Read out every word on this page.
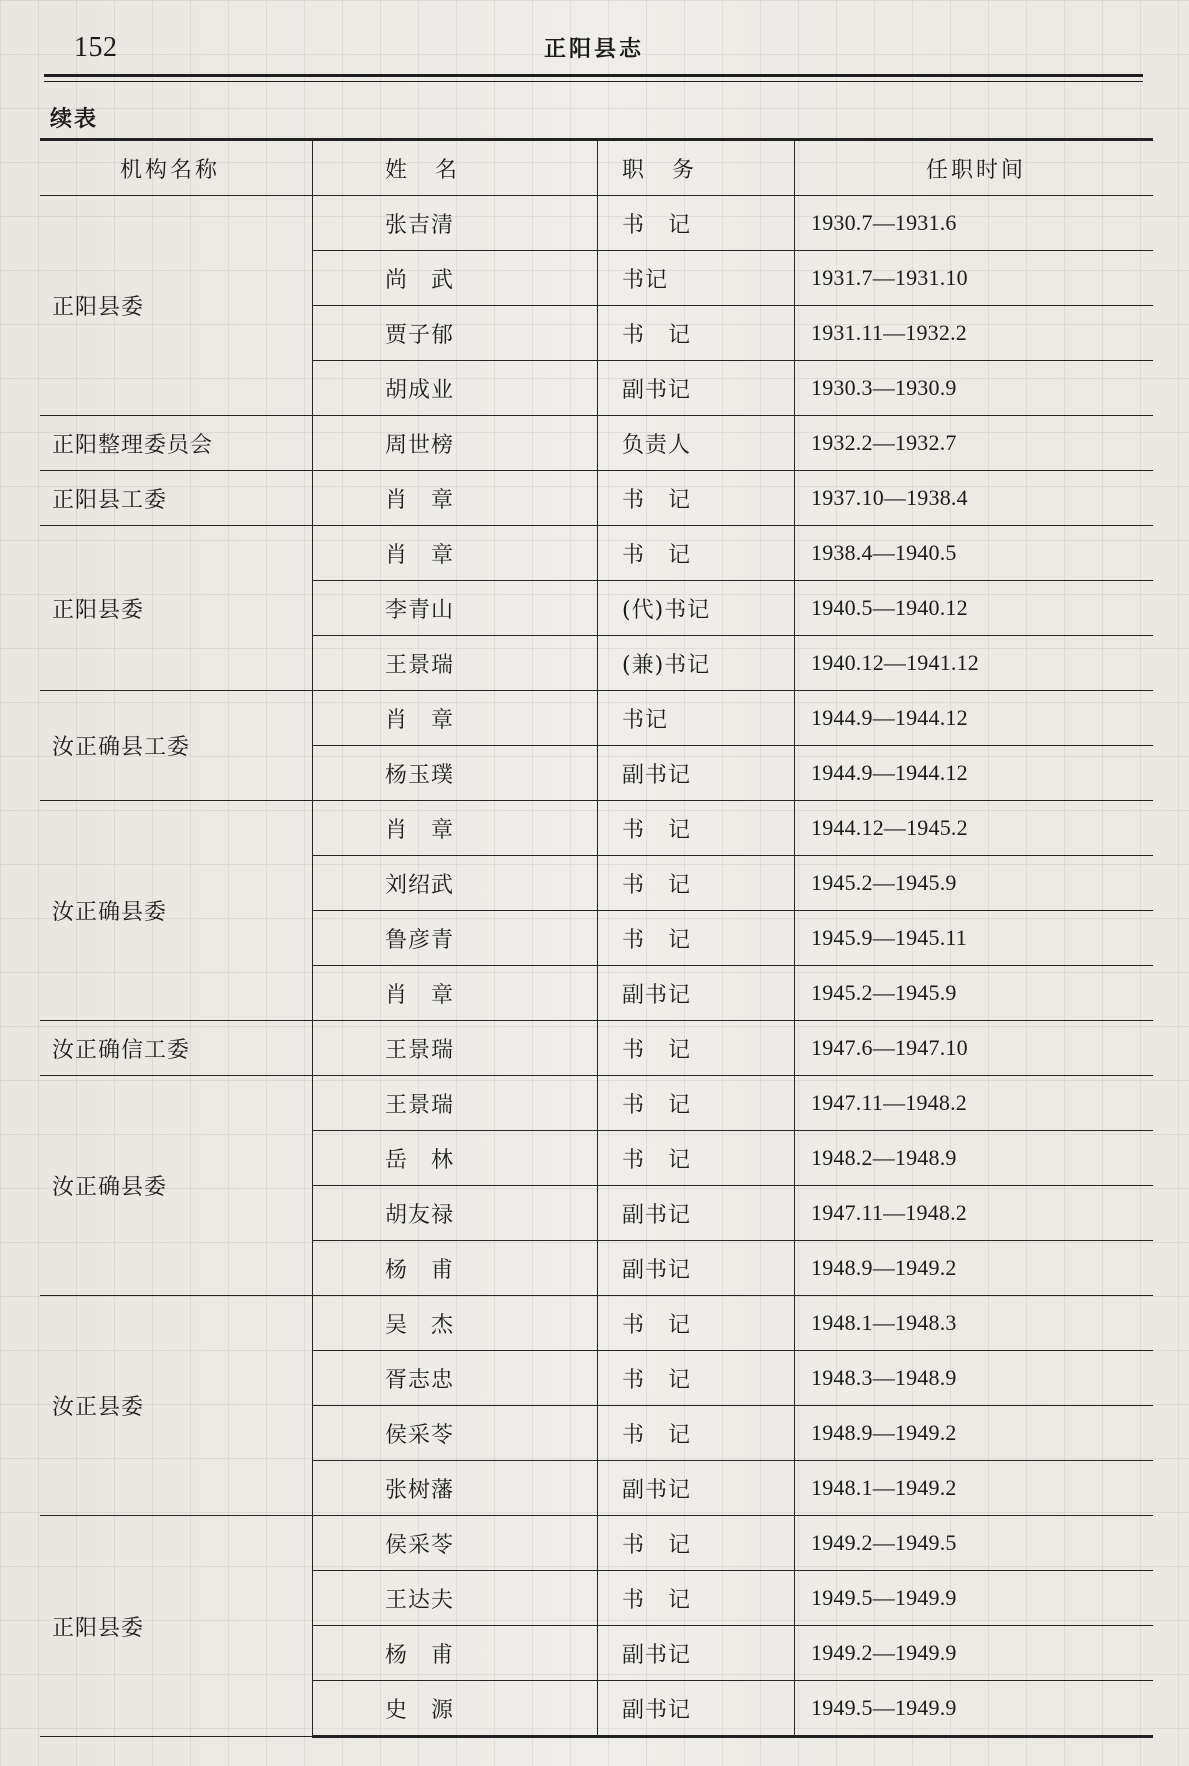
152	正阳县志
续表
机构名称	姓　名	职　务	任职时间
正阳县委	张吉清	书　记	1930.7—1931.6
	尚　武	书记	1931.7—1931.10
	贾子郁	书　记	1931.11—1932.2
	胡成业	副书记	1930.3—1930.9
正阳整理委员会	周世榜	负责人	1932.2—1932.7
正阳县工委	肖　章	书　记	1937.10—1938.4
正阳县委	肖　章	书　记	1938.4—1940.5
	李青山	(代)书记	1940.5—1940.12
	王景瑞	(兼)书记	1940.12—1941.12
汝正确县工委	肖　章	书记	1944.9—1944.12
	杨玉璞	副书记	1944.9—1944.12
汝正确县委	肖　章	书　记	1944.12—1945.2
	刘绍武	书　记	1945.2—1945.9
	鲁彦青	书　记	1945.9—1945.11
	肖　章	副书记	1945.2—1945.9
汝正确信工委	王景瑞	书　记	1947.6—1947.10
汝正确县委	王景瑞	书　记	1947.11—1948.2
	岳　林	书　记	1948.2—1948.9
	胡友禄	副书记	1947.11—1948.2
	杨　甫	副书记	1948.9—1949.2
汝正县委	吴　杰	书　记	1948.1—1948.3
	胥志忠	书　记	1948.3—1948.9
	侯采苓	书　记	1948.9—1949.2
	张树藩	副书记	1948.1—1949.2
正阳县委	侯采苓	书　记	1949.2—1949.5
	王达夫	书　记	1949.5—1949.9
	杨　甫	副书记	1949.2—1949.9
	史　源	副书记	1949.5—1949.9
